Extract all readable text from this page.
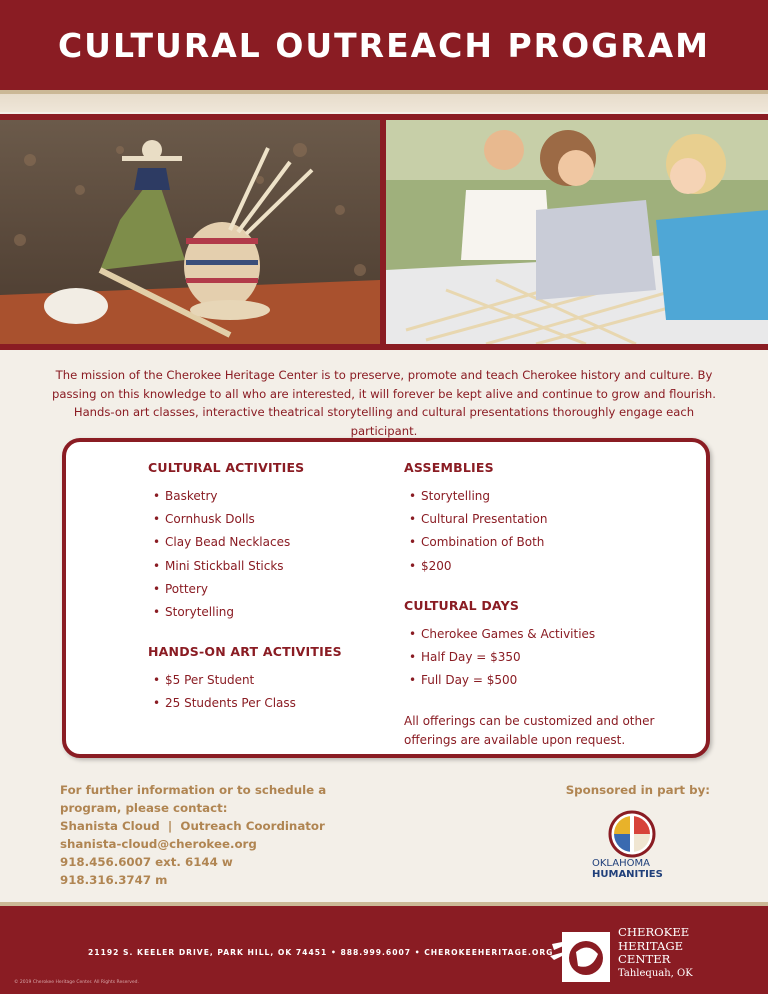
CULTURAL OUTREACH PROGRAM

The mission of the Cherokee Heritage Center is to preserve, promote and teach Cherokee history and culture. By passing on this knowledge to all who are interested, it will forever be kept alive and continue to grow and flourish. Hands-on art classes, interactive theatrical storytelling and cultural presentations thoroughly engage each participant.

CULTURAL ACTIVITIES
• Basketry
• Cornhusk Dolls
• Clay Bead Necklaces
• Mini Stickball Sticks
• Pottery
• Storytelling
HANDS-ON ART ACTIVITIES
• $5 Per Student
• 25 Students Per Class
ASSEMBLIES
• Storytelling
• Cultural Presentation
• Combination of Both
• $200
CULTURAL DAYS
• Cherokee Games & Activities
• Half Day = $350
• Full Day = $500

All offerings can be customized and other offerings are available upon request.

For further information or to schedule a
program, please contact:
Shanista Cloud  |  Outreach Coordinator
shanista-cloud@cherokee.org
918.456.6007 ext. 6144 w
918.316.3747 m
Sponsored in part by:
OKLAHOMA
HUMANITIES
21192 S. KEELER DRIVE, PARK HILL, OK 74451 • 888.999.6007 • CHEROKEEHERITAGE.ORG
© 2019 Cherokee Heritage Center. All Rights Reserved.
CHEROKEE
HERITAGE
CENTER
Tahlequah, OK
